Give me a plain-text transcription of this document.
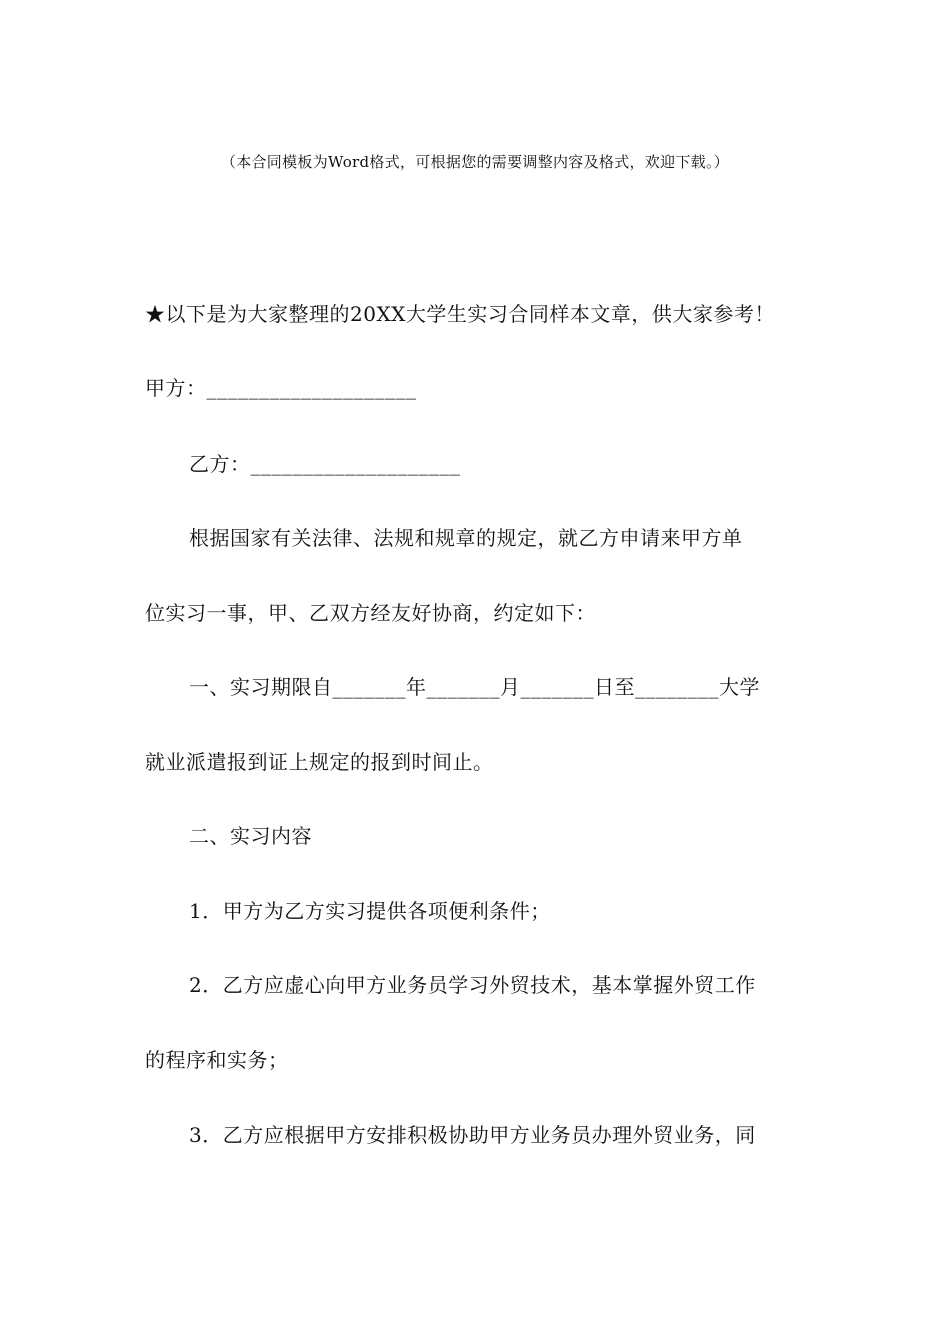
（本合同模板为Word格式，可根据您的需要调整内容及格式，欢迎下载。）
★以下是为大家整理的20XX大学生实习合同样本文章，供大家参考！
甲方：____________________
乙方：____________________
根据国家有关法律、法规和规章的规定，就乙方申请来甲方单
位实习一事，甲、乙双方经友好协商，约定如下：
一、实习期限自_______年_______月_______日至________大学
就业派遣报到证上规定的报到时间止。
二、实习内容
1．甲方为乙方实习提供各项便利条件；
2．乙方应虚心向甲方业务员学习外贸技术，基本掌握外贸工作
的程序和实务；
3．乙方应根据甲方安排积极协助甲方业务员办理外贸业务，同
